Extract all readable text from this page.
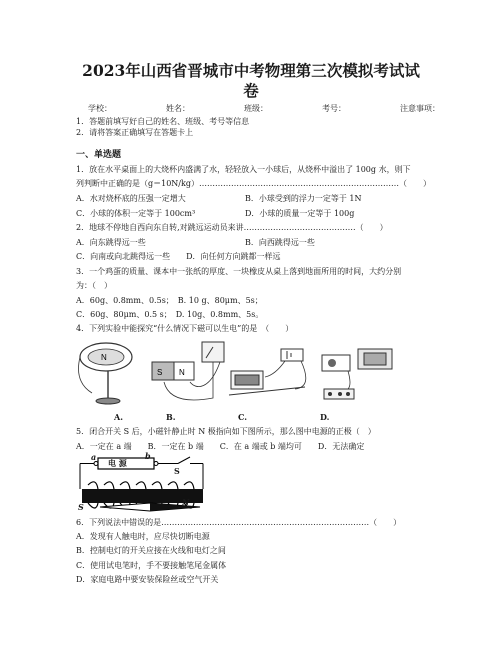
2023年山西省晋城市中考物理第三次模拟考试试
卷
学校：	姓名：	班级：	考号：	注意事项：
1．答题前填写好自己的姓名、班级、考号等信息
2．请将答案正确填写在答题卡上
一、单选题
1．放在水平桌面上的大烧杯内盛满了水，轻轻放入一小球后，从烧杯中溢出了 100g 水，则下
列判断中正确的是（g＝10N/kg）…………………………………………………………………（　　）
A．水对烧杯底的压强一定增大	B．小球受到的浮力一定等于 1N
C．小球的体积一定等于 100cm³	D．小球的质量一定等于 100g
2．地球不停地自西向东自转,对跳远运动员来讲……………………………………（　　）
A．向东跳得远一些	B．向西跳得远一些
C．向南或向北跳得远一些　　D．向任何方向跳都一样远
3．一个鸡蛋的质量、课本中一张纸的厚度、一块橡皮从桌上落到地面所用的时间，大约分别
为：（　）
A．60g、0.8mm、0.5s；　B. 10 g、80μm、5s；
C．60g、80μm、0.5 s；　D. 10g、0.8mm、5s。
4．下列实验中能探究“什么情况下磁可以生电”的是　（　　）
N
S N
A.	B.	C.	D.
5．闭合开关 S 后，小磁针静止时 N 极指向如下图所示，那么图中电源的正极（　）
A．一定在 a 端　　B．一定在 b 端　　C．在 a 端或 b 端均可　　D．无法确定
a	b
电 源
S
S	N
6．下列说法中错误的是……………………………………………………………………（　　）
A．发现有人触电时，应尽快切断电源
B．控制电灯的开关应接在火线和电灯之间
C．使用试电笔时，手不要接触笔尾金属体
D．家庭电路中要安装保险丝或空气开关
